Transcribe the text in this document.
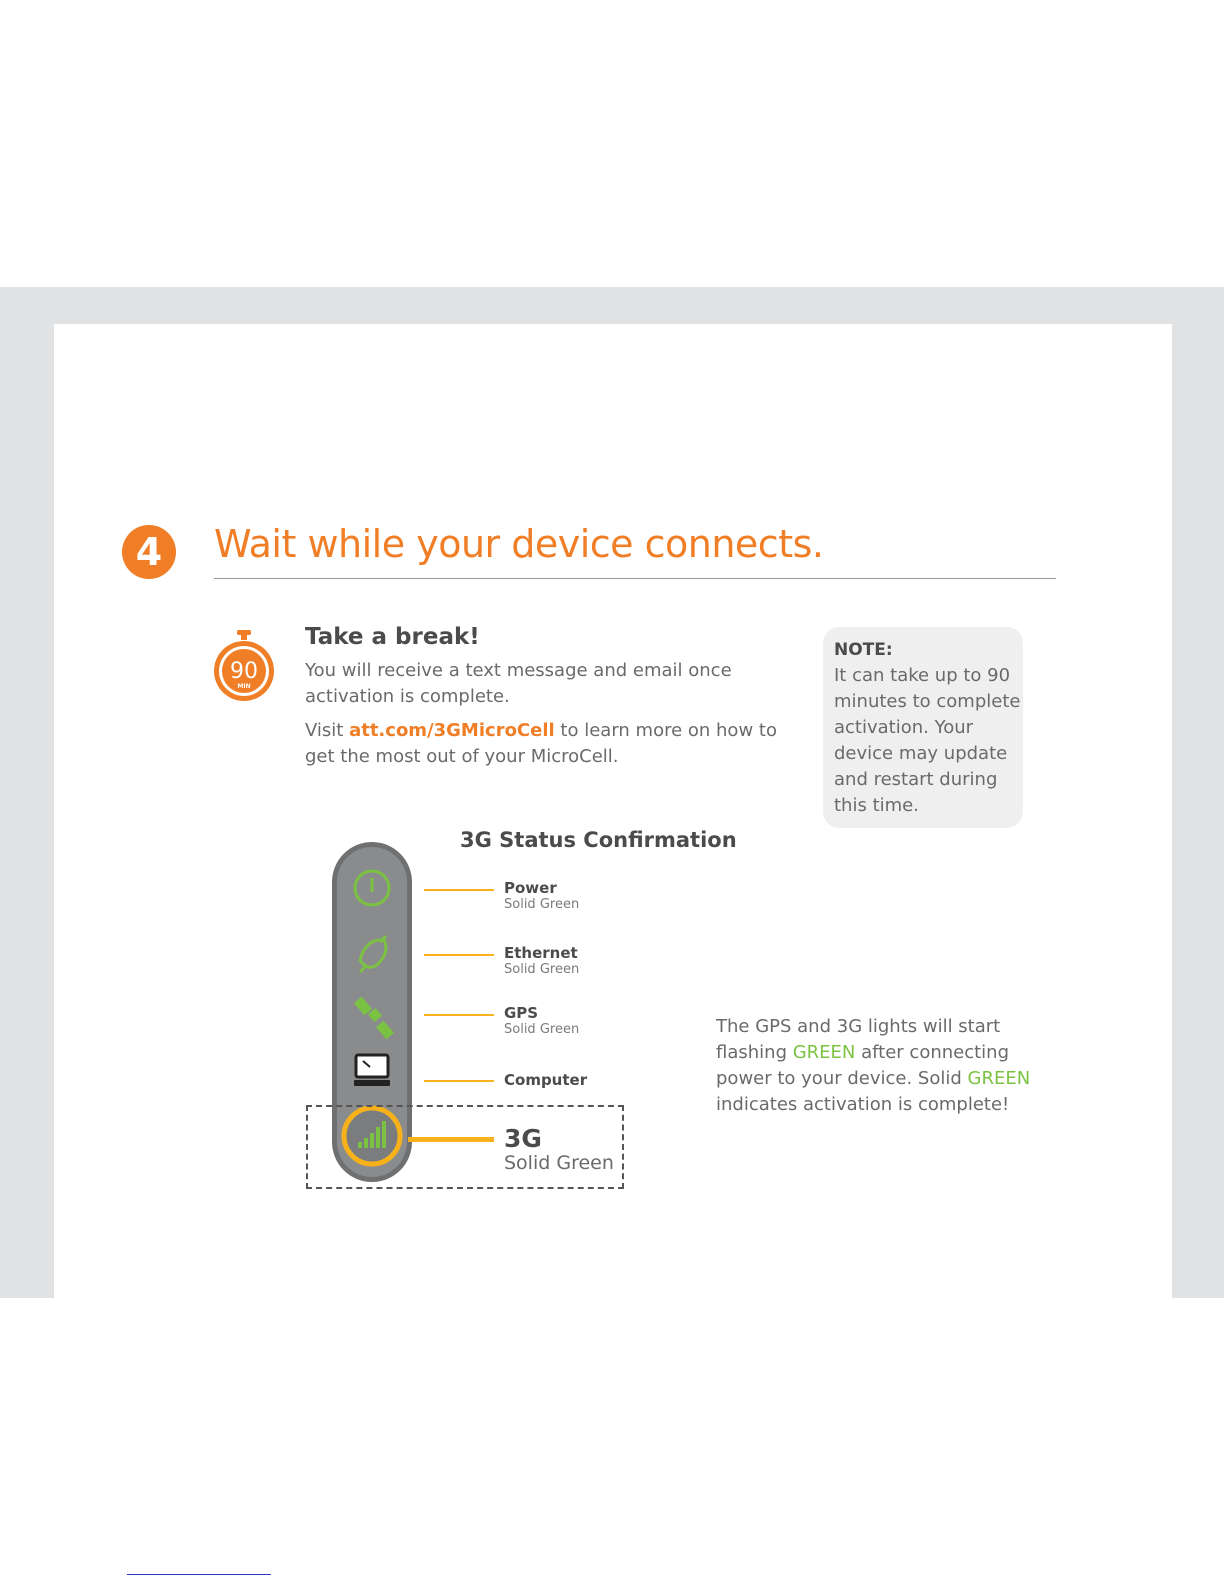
4	Wait while your device connects.
90
MIN
Take a break!
You will receive a text message and email once
activation is complete.
Visit att.com/3GMicroCell to learn more on how to
get the most out of your MicroCell.
NOTE:
It can take up to 90
minutes to complete
activation. Your
device may update
and restart during
this time.
3G Status Confirmation
Power
Solid Green
Ethernet
Solid Green
GPS
Solid Green
Computer
3G
Solid Green
The GPS and 3G lights will start
flashing GREEN after connecting
power to your device. Solid GREEN
indicates activation is complete!
